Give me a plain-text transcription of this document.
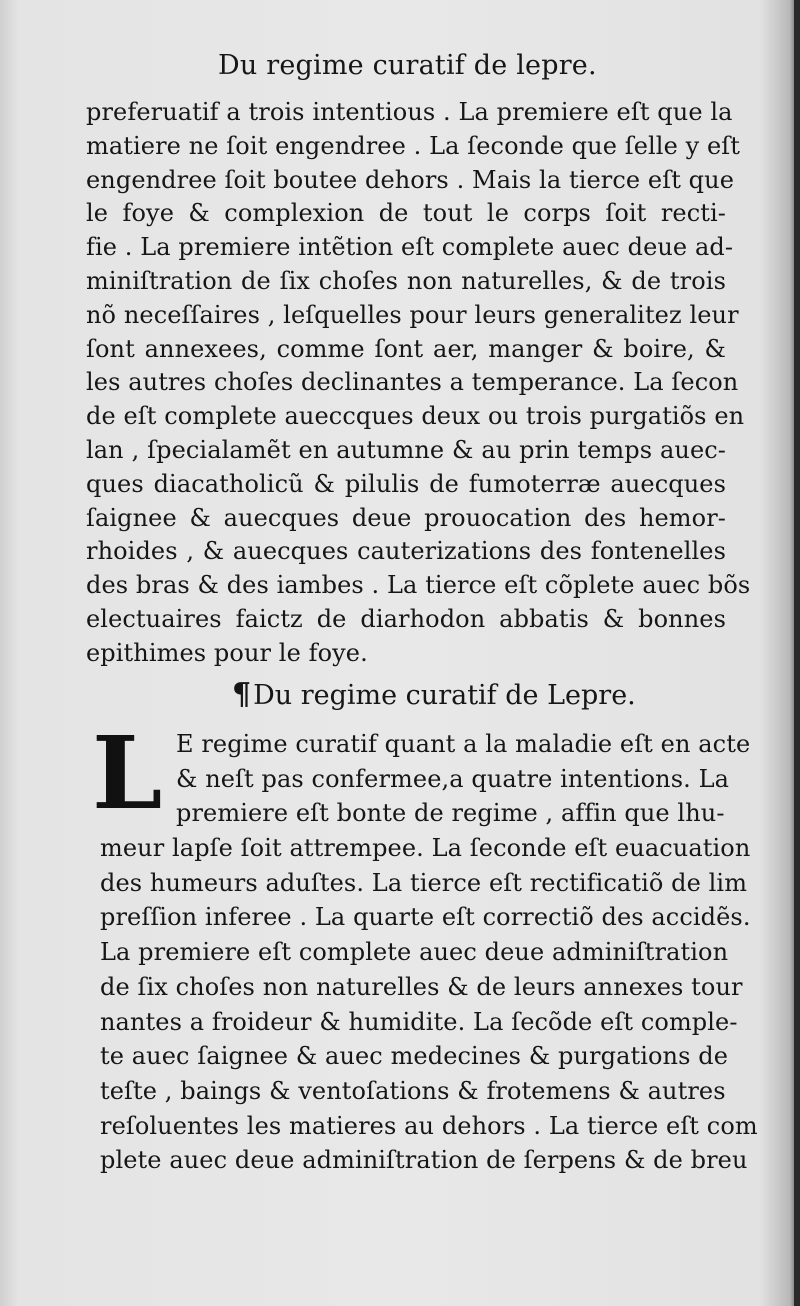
Du regime curatif de lepre.
preferuatif a trois intentious . La premiere eſt que la
matiere ne ſoit engendree . La ſeconde que ſelle y eſt
engendree ſoit boutee dehors . Mais la tierce eſt que
le foye & complexion de tout le corps ſoit recti-
fie . La premiere intẽtion eſt complete auec deue ad-
miniſtration de ſix choſes non naturelles, & de trois
nõ neceſſaires , leſquelles pour leurs generalitez leur
ſont annexees, comme ſont aer, manger & boire, &
les autres choſes declinantes a temperance. La ſecon
de eſt complete aueccques deux ou trois purgatiõs en
lan , ſpecialamẽt en autumne & au prin temps auec-
ques diacatholicũ & pilulis de fumoterræ auecques
ſaignee & auecques deue prouocation des hemor-
rhoides , & auecques cauterizations des fontenelles
des bras & des iambes . La tierce eſt cõplete auec bõs
electuaires faictz de diarhodon abbatis & bonnes
epithimes pour le foye.
¶Du regime curatif de Lepre.
L E regime curatif quant a la maladie eſt en acte
& neſt pas confermee,a quatre intentions. La
premiere eſt bonte de regime , affin que lhu-
meur lapſe ſoit attrempee. La ſeconde eſt euacuation
des humeurs aduſtes. La tierce eſt rectificatiõ de lim
preſſion inferee . La quarte eſt correctiõ des accidẽs.
La premiere eſt complete auec deue adminiſtration
de ſix choſes non naturelles & de leurs annexes tour
nantes a froideur & humidite. La ſecõde eſt comple-
te auec ſaignee & auec medecines & purgations de
teſte , baings & ventoſations & frotemens & autres
reſoluentes les matieres au dehors . La tierce eſt com
plete auec deue adminiſtration de ſerpens & de breu
